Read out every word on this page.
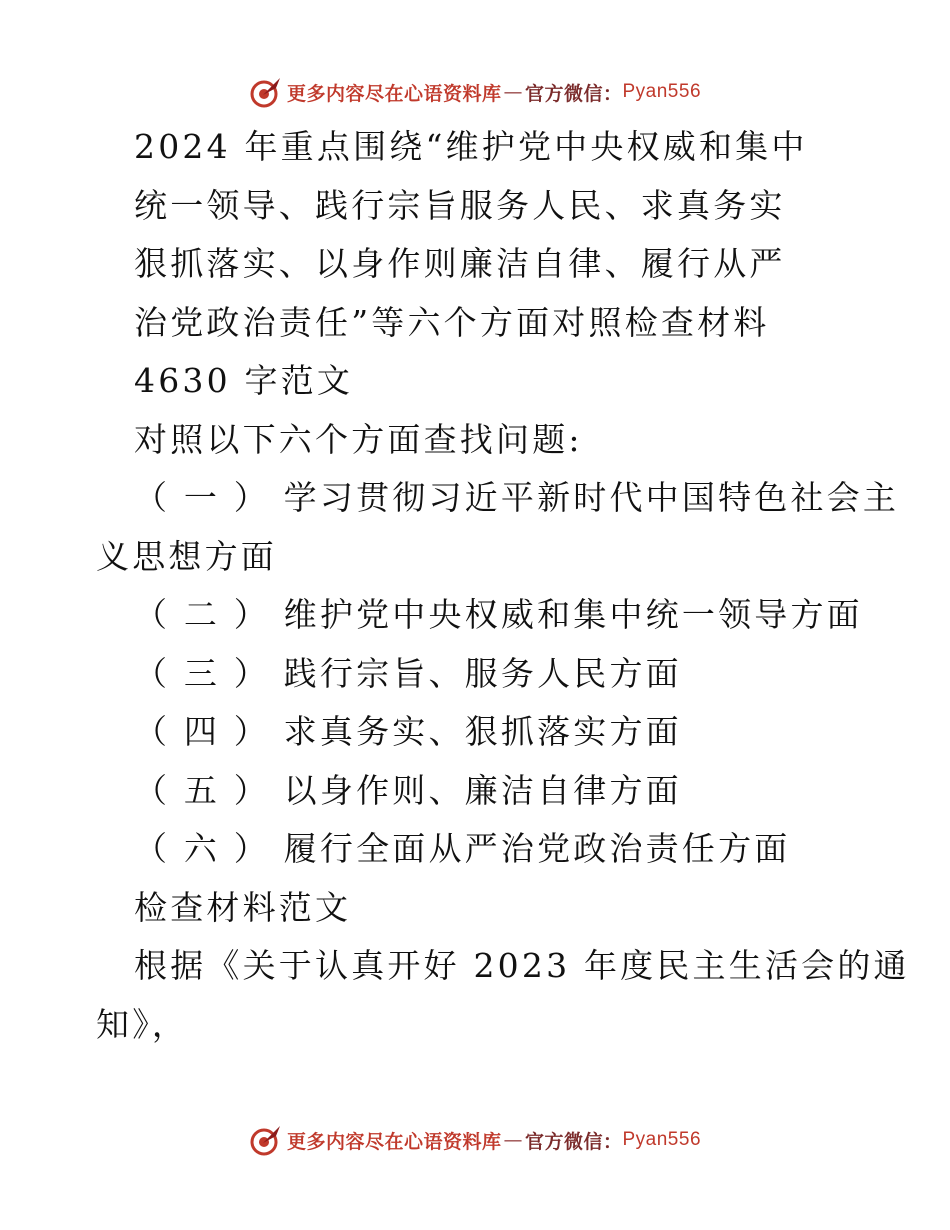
更多内容尽在心语资料库 — 官方微信： Pyan556
2024 年重点围绕“维护党中央权威和集中
统一领导、践行宗旨服务人民、求真务实
狠抓落实、以身作则廉洁自律、履行从严
治党政治责任”等六个方面对照检查材料
4630 字范文
对照以下六个方面查找问题:
（ 一 ） 学习贯彻习近平新时代中国特色社会主
义思想方面
（ 二 ） 维护党中央权威和集中统一领导方面
（ 三 ） 践行宗旨、服务人民方面
（ 四 ） 求真务实、狠抓落实方面
（ 五 ） 以身作则、廉洁自律方面
（ 六 ） 履行全面从严治党政治责任方面
检查材料范文
根据《关于认真开好 2023 年度民主生活会的通
知》，
更多内容尽在心语资料库 — 官方微信： Pyan556
